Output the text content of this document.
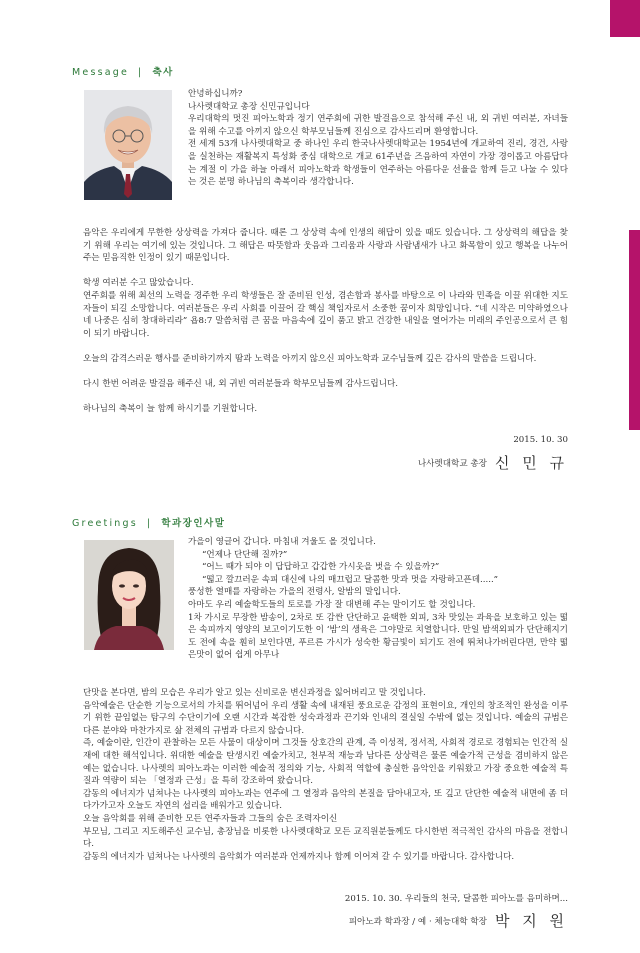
Message | 축사

안녕하십니까?

나사렛대학교 총장 신민규입니다

우리대학의 멋진 피아노학과 정기 연주회에 귀한 발걸음으로 참석해 주신 내, 외 귀빈 여러분, 자녀들을 위해 수고를 아끼지 않으신 학부모님들께 진심으로 감사드리며 환영합니다.

전 세계 53개 나사렛대학교 중 하나인 우리 한국나사렛대학교는 1954년에 개교하여 진리, 경건, 사랑을 실천하는 재활복지 특성화 중심 대학으로 개교 61주년을 즈음하여 자연이 가장 경이롭고 아름답다는 계절 이 가을 하늘 아래서 피아노학과 학생들이 연주하는 아름다운 선율을 함께 듣고 나눌 수 있다는 것은 분명 하나님의 축복이라 생각합니다.

음악은 우리에게 무한한 상상력을 가져다 줍니다. 때론 그 상상력 속에 인생의 해답이 있을 때도 있습니다. 그 상상력의 해답을 찾기 위해 우리는 여기에 있는 것입니다. 그 해답은 따뜻함과 웃음과 그리움과 사랑과 사람냄새가 나고 화목함이 있고 행복을 나누어 주는 믿음직한 인정이 있기 때문입니다.

학생 여러분 수고 많았습니다.

연주회를 위해 최선의 노력을 경주한 우리 학생들은 잘 준비된 인성, 겸손함과 봉사를 바탕으로 이 나라와 민족을 이끌 위대한 지도자들이 되길 소망합니다. 여러분들은 우리 사회를 이끌어 갈 핵심 책임자로서 소중한 꿈이자 희망입니다. “네 시작은 미약하였으나 네 나중은 심히 창대하리라” 욥8:7 말씀처럼 큰 꿈을 마음속에 깊이 품고 밝고 건강한 내일을 열어가는 미래의 주인공으로서 큰 힘이 되기 바랍니다.

오늘의 감격스러운 행사를 준비하기까지 땀과 노력을 아끼지 않으신 피아노학과 교수님들께 깊은 감사의 말씀을 드립니다.

다시 한번 어려운 발걸음 해주신 내, 외 귀빈 여러분들과 학부모님들께 감사드립니다.

하나님의 축복이 늘 함께 하시기를 기원합니다.

2015. 10. 30
나사렛대학교 총장 신 민 규
Greetings | 학과장인사말

가을이 영글어 갑니다. 마침내 겨울도 올 것입니다.

“언제나 단단해 질까?”

“어느 때가 되야 이 답답하고 갑갑한 가시옷을 벗을 수 있을까?”

“떫고 깔끄러운 속피 대신에 나의 매끄럽고 달콤한 맛과 멋을 자랑하고픈데.....”

풍성한 열매를 자랑하는 가을의 전령사, 알밤의 말입니다.

아마도 우리 예술학도들의 토로를 가장 잘 대변해 주는 말이기도 할 것입니다.

1차 가시로 무장한 밤송이, 2차로 또 감싼 단단하고 윤택한 외피, 3차 맛있는 과육을 보호하고 있는 떫은 속피까지 영양의 보고이기도한 이 ‘밤’의 생육은 그야말로 치열합니다. 만일 밤색외피가 단단해지기도 전에 속을 훤히 보인다면, 푸르른 가시가 성숙한 황금빛이 되기도 전에 뛰쳐나가버린다면, 만약 떫은맛이 없어 쉽게 아무나

단맛을 본다면, 밤의 모습은 우리가 알고 있는 신비로운 변신과정을 잃어버리고 말 것입니다.

음악예술은 단순한 기능으로서의 가치를 뛰어넘어 우리 생활 속에 내재된 풍요로운 감정의 표현이요, 개인의 창조적인 완성을 이루기 위한 끝임없는 탐구의 수단이기에 오랜 시간과 복잡한 성숙과정과 끈기와 인내의 결실일 수밖에 없는 것입니다. 예술의 규범은 다른 분야와 마찬가지로 삶 전체의 규범과 다르지 않습니다.

즉, 예술이란, 인간이 관찰하는 모든 사물이 대상이며 그것들 상호간의 관계, 즉 이성적, 정서적, 사회적 경로로 경험되는 인간적 실재에 대한 해석입니다. 위대한 예술을 탄생시킨 예술가치고, 천부적 재능과 남다른 상상력은 물론 예술가적 근성을 겸비하지 않은 예는 없습니다. 나사렛의 피아노과는 이러한 예술적 정의와 기능, 사회적 역할에 충실한 음악인을 키워왔고 가장 중요한 예술적 특질과 역량이 되는 「열정과 근성」을 특히 강조하여 왔습니다.

감동의 에너지가 넘쳐나는 나사렛의 피아노과는 연주에 그 열정과 음악의 본질을 담아내고자, 또 깊고 단단한 예술적 내면에 좀 더 다가가고자 오늘도 자연의 섭리을 배워가고 있습니다.

오늘 음악회를 위해 준비한 모든 연주자들과 그들의 숨은 조력자이신

부모님, 그리고 지도해주신 교수님, 총장님을 비롯한 나사렛대학교 모든 교직원분들께도 다시한번 적극적인 감사의 마음을 전합니다.

감동의 에너지가 넘쳐나는 나사렛의 음악회가 여러분과 언제까지나 함께 이어져 갈 수 있기를 바랍니다. 감사합니다.

2015. 10. 30. 우리들의 천국, 달콤한 피아노를 음미하며...
피아노과 학과장 / 예 · 체능대학 학장 박 지 원
